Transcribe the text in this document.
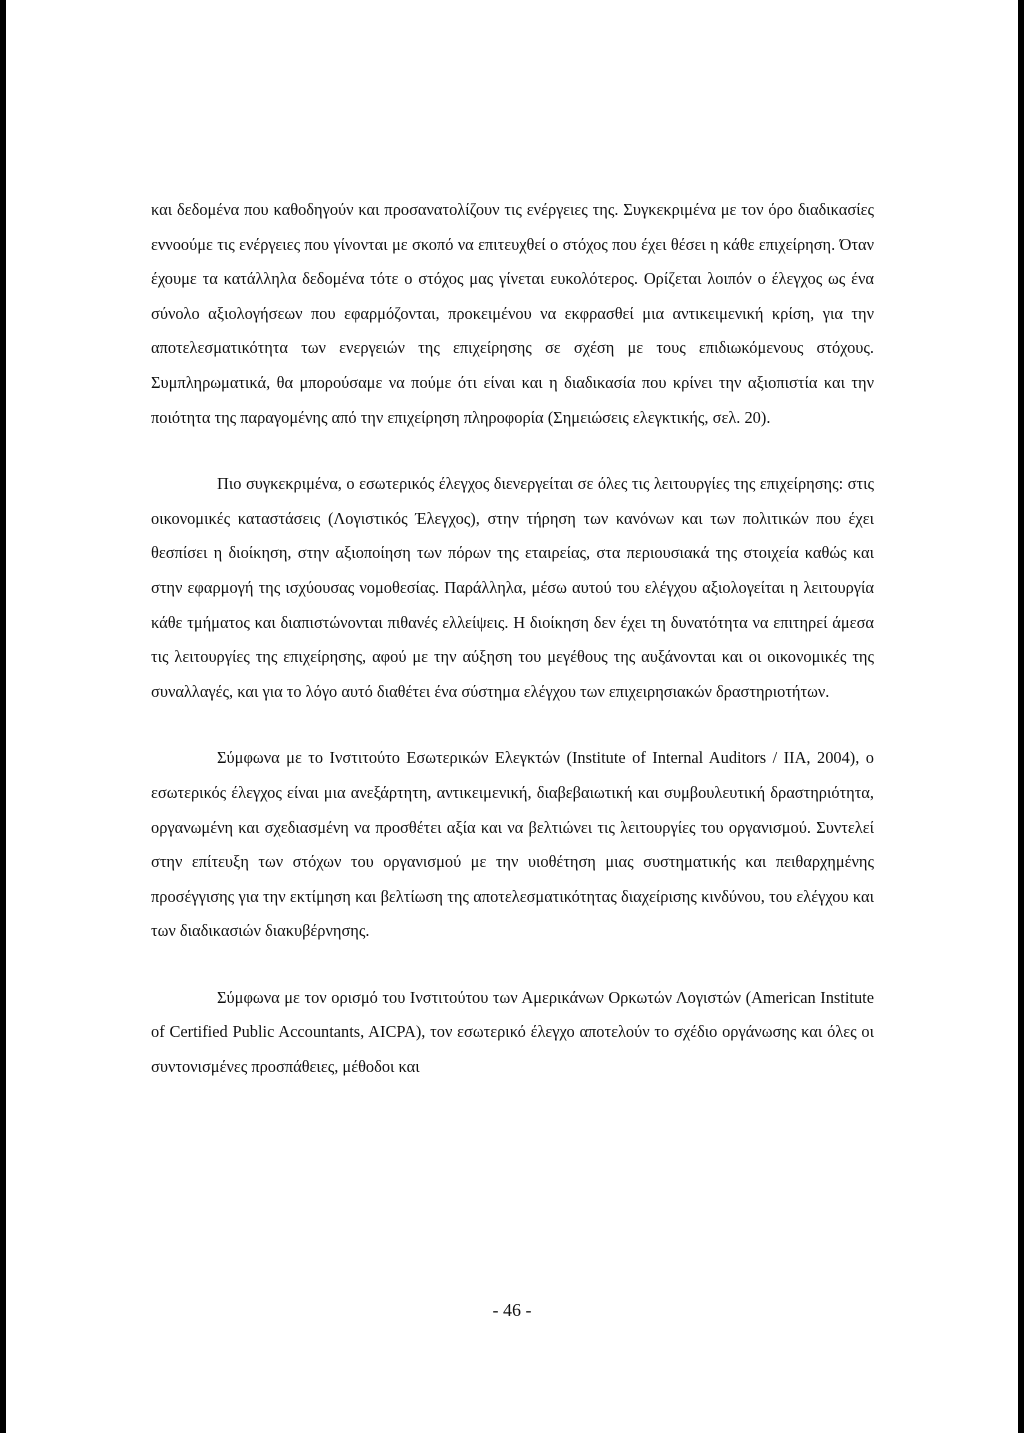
και δεδομένα που καθοδηγούν και προσανατολίζουν τις ενέργειες της. Συγκεκριμένα με τον όρο διαδικασίες εννοούμε τις ενέργειες που γίνονται με σκοπό να επιτευχθεί ο στόχος που έχει θέσει η κάθε επιχείρηση. Όταν έχουμε τα κατάλληλα δεδομένα τότε ο στόχος μας γίνεται ευκολότερος. Ορίζεται λοιπόν ο έλεγχος ως ένα σύνολο αξιολογήσεων που εφαρμόζονται, προκειμένου να εκφρασθεί μια αντικειμενική κρίση, για την αποτελεσματικότητα των ενεργειών της επιχείρησης σε σχέση με τους επιδιωκόμενους στόχους. Συμπληρωματικά, θα μπορούσαμε να πούμε ότι είναι και η διαδικασία που κρίνει την αξιοπιστία και την ποιότητα της παραγομένης από την επιχείρηση πληροφορία (Σημειώσεις ελεγκτικής, σελ. 20).

Πιο συγκεκριμένα, ο εσωτερικός έλεγχος διενεργείται σε όλες τις λειτουργίες της επιχείρησης: στις οικονομικές καταστάσεις (Λογιστικός Έλεγχος), στην τήρηση των κανόνων και των πολιτικών που έχει θεσπίσει η διοίκηση, στην αξιοποίηση των πόρων της εταιρείας, στα περιουσιακά της στοιχεία καθώς και στην εφαρμογή της ισχύουσας νομοθεσίας. Παράλληλα, μέσω αυτού του ελέγχου αξιολογείται η λειτουργία κάθε τμήματος και διαπιστώνονται πιθανές ελλείψεις. Η διοίκηση δεν έχει τη δυνατότητα να επιτηρεί άμεσα τις λειτουργίες της επιχείρησης, αφού με την αύξηση του μεγέθους της αυξάνονται και οι οικονομικές της συναλλαγές, και για το λόγο αυτό διαθέτει ένα σύστημα ελέγχου των επιχειρησιακών δραστηριοτήτων.

Σύμφωνα με το Ινστιτούτο Εσωτερικών Ελεγκτών (Institute of Internal Auditors / ΙΙΑ, 2004), ο εσωτερικός έλεγχος είναι μια ανεξάρτητη, αντικειμενική, διαβεβαιωτική και συμβουλευτική δραστηριότητα, οργανωμένη και σχεδιασμένη να προσθέτει αξία και να βελτιώνει τις λειτουργίες του οργανισμού. Συντελεί στην επίτευξη των στόχων του οργανισμού με την υιοθέτηση μιας συστηματικής και πειθαρχημένης προσέγγισης για την εκτίμηση και βελτίωση της αποτελεσματικότητας διαχείρισης κινδύνου, του ελέγχου και των διαδικασιών διακυβέρνησης.

Σύμφωνα με τον ορισμό του Ινστιτούτου των Αμερικάνων Ορκωτών Λογιστών (American Institute of Certified Public Accountants, AICPA), τον εσωτερικό έλεγχο αποτελούν το σχέδιο οργάνωσης και όλες οι συντονισμένες προσπάθειες, μέθοδοι και

- 46 -
